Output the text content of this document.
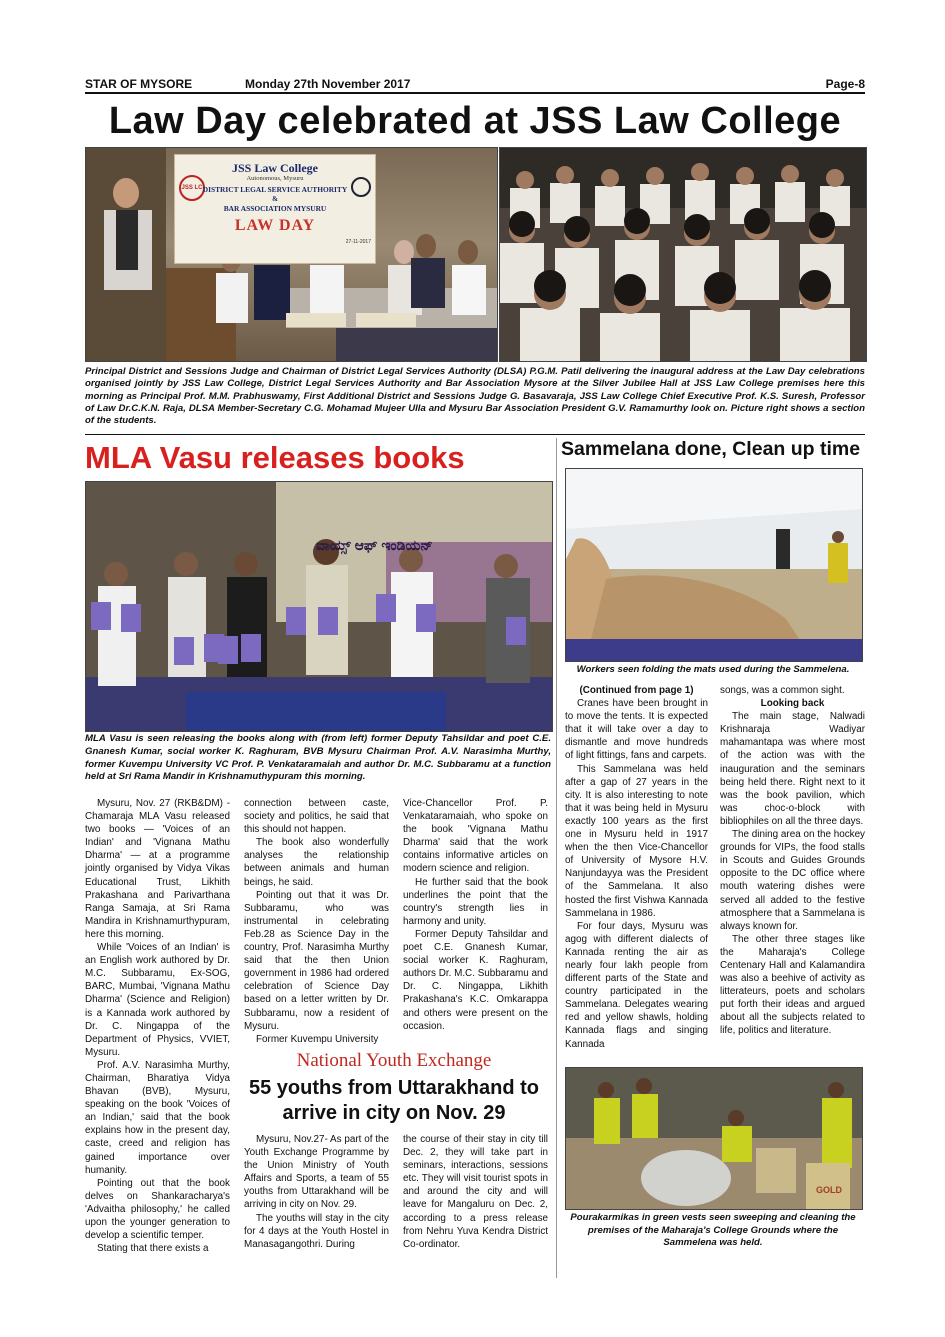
STAR OF MYSORE	Monday 27th November 2017	Page-8
Law Day celebrated at JSS Law College
JSS LC
JSS Law College
Autonomous, Mysuru
DISTRICT LEGAL SERVICE AUTHORITY
&
BAR ASSOCIATION MYSURU
LAW DAY
27-11-2017
Principal District and Sessions Judge and Chairman of District Legal Services Authority (DLSA) P.G.M. Patil delivering the inaugural address at the Law Day celebrations organised jointly by JSS Law College, District Legal Services Authority and Bar Association Mysore at the Silver Jubilee Hall at JSS Law College premises here this morning as Principal Prof. M.M. Prabhuswamy, First Additional District and Sessions Judge G. Basavaraja, JSS Law College Chief Executive Prof. K.S. Suresh, Professor of Law Dr.C.K.N. Raja, DLSA Member-Secretary C.G. Mohamad Mujeer Ulla and Mysuru Bar Association President G.V. Ramamurthy look on. Picture right shows a section of the students.
MLA Vasu releases books
ವಾಯ್ಸ್ ಆಫ್ ಇಂಡಿಯನ್
MLA Vasu is seen releasing the books along with (from left) former Deputy Tahsildar and poet C.E. Gnanesh Kumar, social worker K. Raghuram, BVB Mysuru Chairman Prof. A.V. Narasimha Murthy, former Kuvempu University VC Prof. P. Venkataramaiah and author Dr. M.C. Subbaramu at a function held at Sri Rama Mandir in Krishnamuthypuram this morning.

Mysuru, Nov. 27 (RKB&DM) - Chamaraja MLA Vasu released two books — 'Voices of an Indian' and 'Vignana Mathu Dharma' — at a programme jointly organised by Vidya Vikas Educational Trust, Likhith Prakashana and Parivarthana Ranga Samaja, at Sri Rama Mandira in Krishnamurthypuram, here this morning.

While 'Voices of an Indian' is an English work authored by Dr. M.C. Subbaramu, Ex-SOG, BARC, Mumbai, 'Vignana Mathu Dharma' (Science and Religion) is a Kannada work authored by Dr. C. Ningappa of the Department of Physics, VVIET, Mysuru.

Prof. A.V. Narasimha Murthy, Chairman, Bharatiya Vidya Bhavan (BVB), Mysuru, speaking on the book 'Voices of an Indian,' said that the book explains how in the present day, caste, creed and religion has gained importance over humanity.

Pointing out that the book delves on Shankaracharya's 'Advaitha philosophy,' he called upon the younger generation to develop a scientific temper.

Stating that there exists a

connection between caste, society and politics, he said that this should not happen.

The book also wonderfully analyses the relationship between animals and human beings, he said.

Pointing out that it was Dr. Subbaramu, who was instrumental in celebrating Feb.28 as Science Day in the country, Prof. Narasimha Murthy said that the then Union government in 1986 had ordered celebration of Science Day based on a letter written by Dr. Subbaramu, now a resident of Mysuru.

Former Kuvempu University

Vice-Chancellor Prof. P. Venkataramaiah, who spoke on the book 'Vignana Mathu Dharma' said that the work contains informative articles on modern science and religion.

He further said that the book underlines the point that the country's strength lies in harmony and unity.

Former Deputy Tahsildar and poet C.E. Gnanesh Kumar, social worker K. Raghuram, authors Dr. M.C. Subbaramu and Dr. C. Ningappa, Likhith Prakashana's K.C. Omkarappa and others were present on the occasion.

National Youth Exchange
55 youths from Uttarakhand to arrive in city on Nov. 29

Mysuru, Nov.27- As part of the Youth Exchange Programme by the Union Ministry of Youth Affairs and Sports, a team of 55 youths from Uttarakhand will be arriving in city on Nov. 29.

The youths will stay in the city for 4 days at the Youth Hostel in Manasagangothri. During

the course of their stay in city till Dec. 2, they will take part in seminars, interactions, sessions etc. They will visit tourist spots in and around the city and will leave for Mangaluru on Dec. 2, according to a press release from Nehru Yuva Kendra District Co-ordinator.

Sammelana done, Clean up time
Workers seen folding the mats used during the Sammelena.

(Continued from page 1)

Cranes have been brought in to move the tents. It is expected that it will take over a day to dismantle and move hundreds of light fittings, fans and carpets.

This Sammelana was held after a gap of 27 years in the city. It is also interesting to note that it was being held in Mysuru exactly 100 years as the first one in Mysuru held in 1917 when the then Vice-Chancellor of University of Mysore H.V. Nanjundayya was the President of the Sammelana. It also hosted the first Vishwa Kannada Sammelana in 1986.

For four days, Mysuru was agog with different dialects of Kannada renting the air as nearly four lakh people from different parts of the State and country participated in the Sammelana. Delegates wearing red and yellow shawls, holding Kannada flags and singing Kannada

songs, was a common sight.

Looking back

The main stage, Nalwadi Krishnaraja Wadiyar mahamantapa was where most of the action was with the inauguration and the seminars being held there. Right next to it was the book pavilion, which was choc-o-block with bibliophiles on all the three days.

The dining area on the hockey grounds for VIPs, the food stalls in Scouts and Guides Grounds opposite to the DC office where mouth watering dishes were served all added to the festive atmosphere that a Sammelana is always known for.

The other three stages like the Maharaja's College Centenary Hall and Kalamandira was also a beehive of activity as litterateurs, poets and scholars put forth their ideas and argued about all the subjects related to life, politics and literature.

GOLD
Pourakarmikas in green vests seen sweeping and cleaning the premises of the Maharaja's College Grounds where the Sammelena was held.
